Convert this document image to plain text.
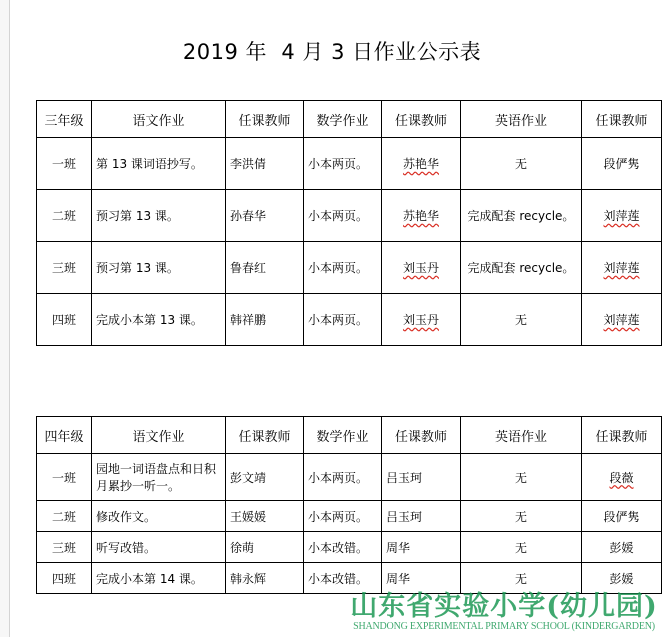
2019 年  4 月 3 日作业公示表
三年级	语文作业	任课教师	数学作业	任课教师	英语作业	任课教师
一班	第 13 课词语抄写。	李洪倩	小本两页。	苏艳华	无	段俨隽
二班	预习第 13 课。	孙春华	小本两页。	苏艳华	完成配套 recycle。	刘萍莲
三班	预习第 13 课。	鲁春红	小本两页。	刘玉丹	完成配套 recycle。	刘萍莲
四班	完成小本第 13 课。	韩祥鹏	小本两页。	刘玉丹	无	刘萍莲
四年级	语文作业	任课教师	数学作业	任课教师	英语作业	任课教师
一班	园地一词语盘点和日积月累抄一听一。	彭文靖	小本两页。	吕玉珂	无	段薇
二班	修改作文。	王媛媛	小本两页。	吕玉珂	无	段俨隽
三班	听写改错。	徐萌	小本改错。	周华	无	彭媛
四班	完成小本第 14 课。	韩永辉	小本改错。	周华	无	彭媛
山东省实验小学(幼儿园)
SHANDONG EXPERIMENTAL PRIMARY SCHOOL (KINDERGARDEN)
